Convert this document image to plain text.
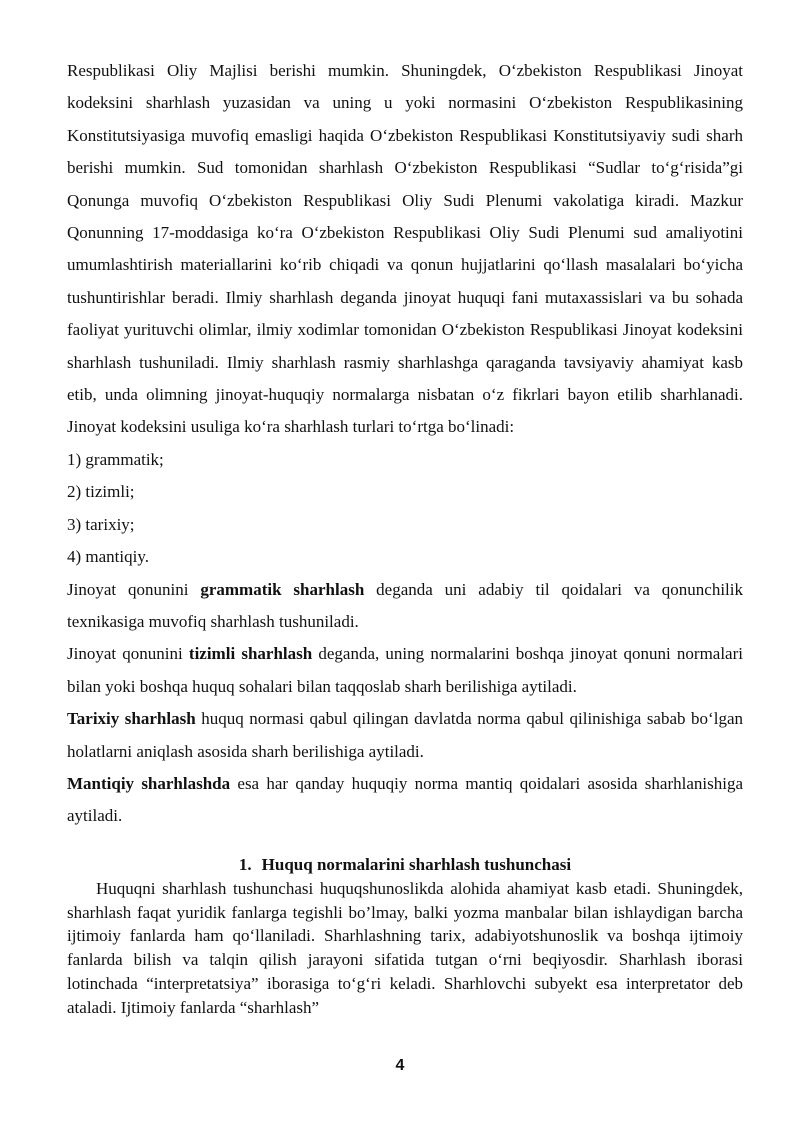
Respublikasi Oliy Majlisi berishi mumkin. Shuningdek, O‘zbekiston Respublikasi Jinoyat kodeksini sharhlash yuzasidan va uning u yoki normasini O‘zbekiston Respublikasining Konstitutsiyasiga muvofiq emasligi haqida O‘zbekiston Respublikasi Konstitutsiyaviy sudi sharh berishi mumkin. Sud tomonidan sharhlash O‘zbekiston Respublikasi “Sudlar to‘g‘risida”gi Qonunga muvofiq O‘zbekiston Respublikasi Oliy Sudi Plenumi vakolatiga kiradi. Mazkur Qonunning 17-moddasiga ko‘ra O‘zbekiston Respublikasi Oliy Sudi Plenumi sud amaliyotini umumlashtirish materiallarini ko‘rib chiqadi va qonun hujjatlarini qo‘llash masalalari bo‘yicha tushuntirishlar beradi. Ilmiy sharhlash deganda jinoyat huquqi fani mutaxassislari va bu sohada faoliyat yurituvchi olimlar, ilmiy xodimlar tomonidan O‘zbekiston Respublikasi Jinoyat kodeksini sharhlash tushuniladi. Ilmiy sharhlash rasmiy sharhlashga qaraganda tavsiyaviy ahamiyat kasb etib, unda olimning jinoyat-huquqiy normalarga nisbatan o‘z fikrlari bayon etilib sharhlanadi. Jinoyat kodeksini usuliga ko‘ra sharhlash turlari to‘rtga bo‘linadi:

1) grammatik;

2) tizimli;

3) tarixiy;

4) mantiqiy.

Jinoyat qonunini grammatik sharhlash deganda uni adabiy til qoidalari va qonunchilik texnikasiga muvofiq sharhlash tushuniladi.

Jinoyat qonunini tizimli sharhlash deganda, uning normalarini boshqa jinoyat qonuni normalari bilan yoki boshqa huquq sohalari bilan taqqoslab sharh berilishiga aytiladi.

Tarixiy sharhlash huquq normasi qabul qilingan davlatda norma qabul qilinishiga sabab bo‘lgan holatlarni aniqlash asosida sharh berilishiga aytiladi.

Mantiqiy sharhlashda esa har qanday huquqiy norma mantiq qoidalari asosida sharhlanishiga aytiladi.

1. Huquq normalarini sharhlash tushunchasi

Huquqni sharhlash tushunchasi huquqshunoslikda alohida ahamiyat kasb etadi. Shuningdek, sharhlash faqat yuridik fanlarga tegishli bo’lmay, balki yozma manbalar bilan ishlaydigan barcha ijtimoiy fanlarda ham qo‘llaniladi. Sharhlashning tarix, adabiyotshunoslik va boshqa ijtimoiy fanlarda bilish va talqin qilish jarayoni sifatida tutgan o‘rni beqiyosdir. Sharhlash iborasi lotinchada “interpretatsiya” iborasiga to‘g‘ri keladi. Sharhlovchi subyekt esa interpretator deb ataladi. Ijtimoiy fanlarda “sharhlash”

4
